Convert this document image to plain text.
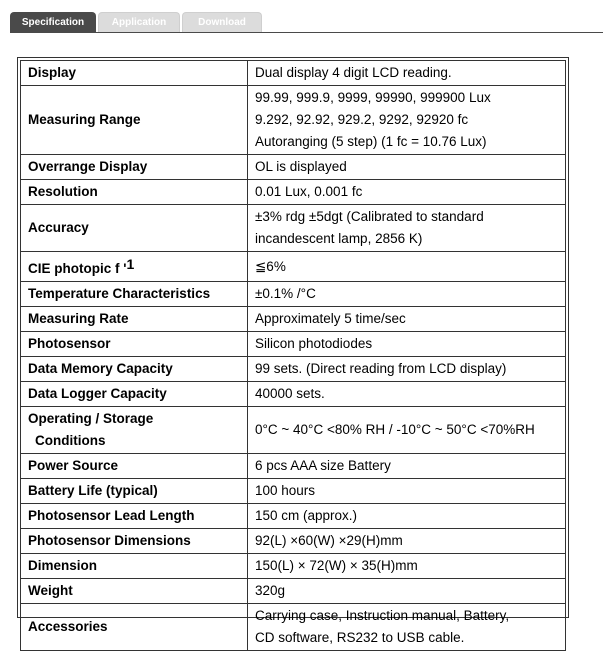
Specification	Application	Download
Display	Dual display 4 digit LCD reading.

Measuring Range	99.99, 999.9, 9999, 99990, 999900 Lux
9.292, 92.92, 929.2, 9292, 92920 fc
Autoranging (5 step) (1 fc = 10.76 Lux)

Overrange Display	OL is displayed

Resolution	0.01 Lux, 0.001 fc

Accuracy	±3% rdg ±5dgt (Calibrated to standard
incandescent lamp, 2856 K)

CIE photopic f '1	≦6%

Temperature Characteristics	±0.1% /°C

Measuring Rate	Approximately 5 time/sec

Photosensor	Silicon photodiodes

Data Memory Capacity	99 sets. (Direct reading from LCD display)

Data Logger Capacity	40000 sets.

Operating / Storage
Conditions	0°C ~ 40°C <80% RH / -10°C ~ 50°C <70%RH

Power Source	6 pcs AAA size Battery

Battery Life (typical)	100 hours

Photosensor Lead Length	150 cm (approx.)

Photosensor Dimensions	92(L) ×60(W) ×29(H)mm

Dimension	150(L) × 72(W) × 35(H)mm

Weight	320g

Accessories	Carrying case, Instruction manual, Battery,
CD software, RS232 to USB cable.
